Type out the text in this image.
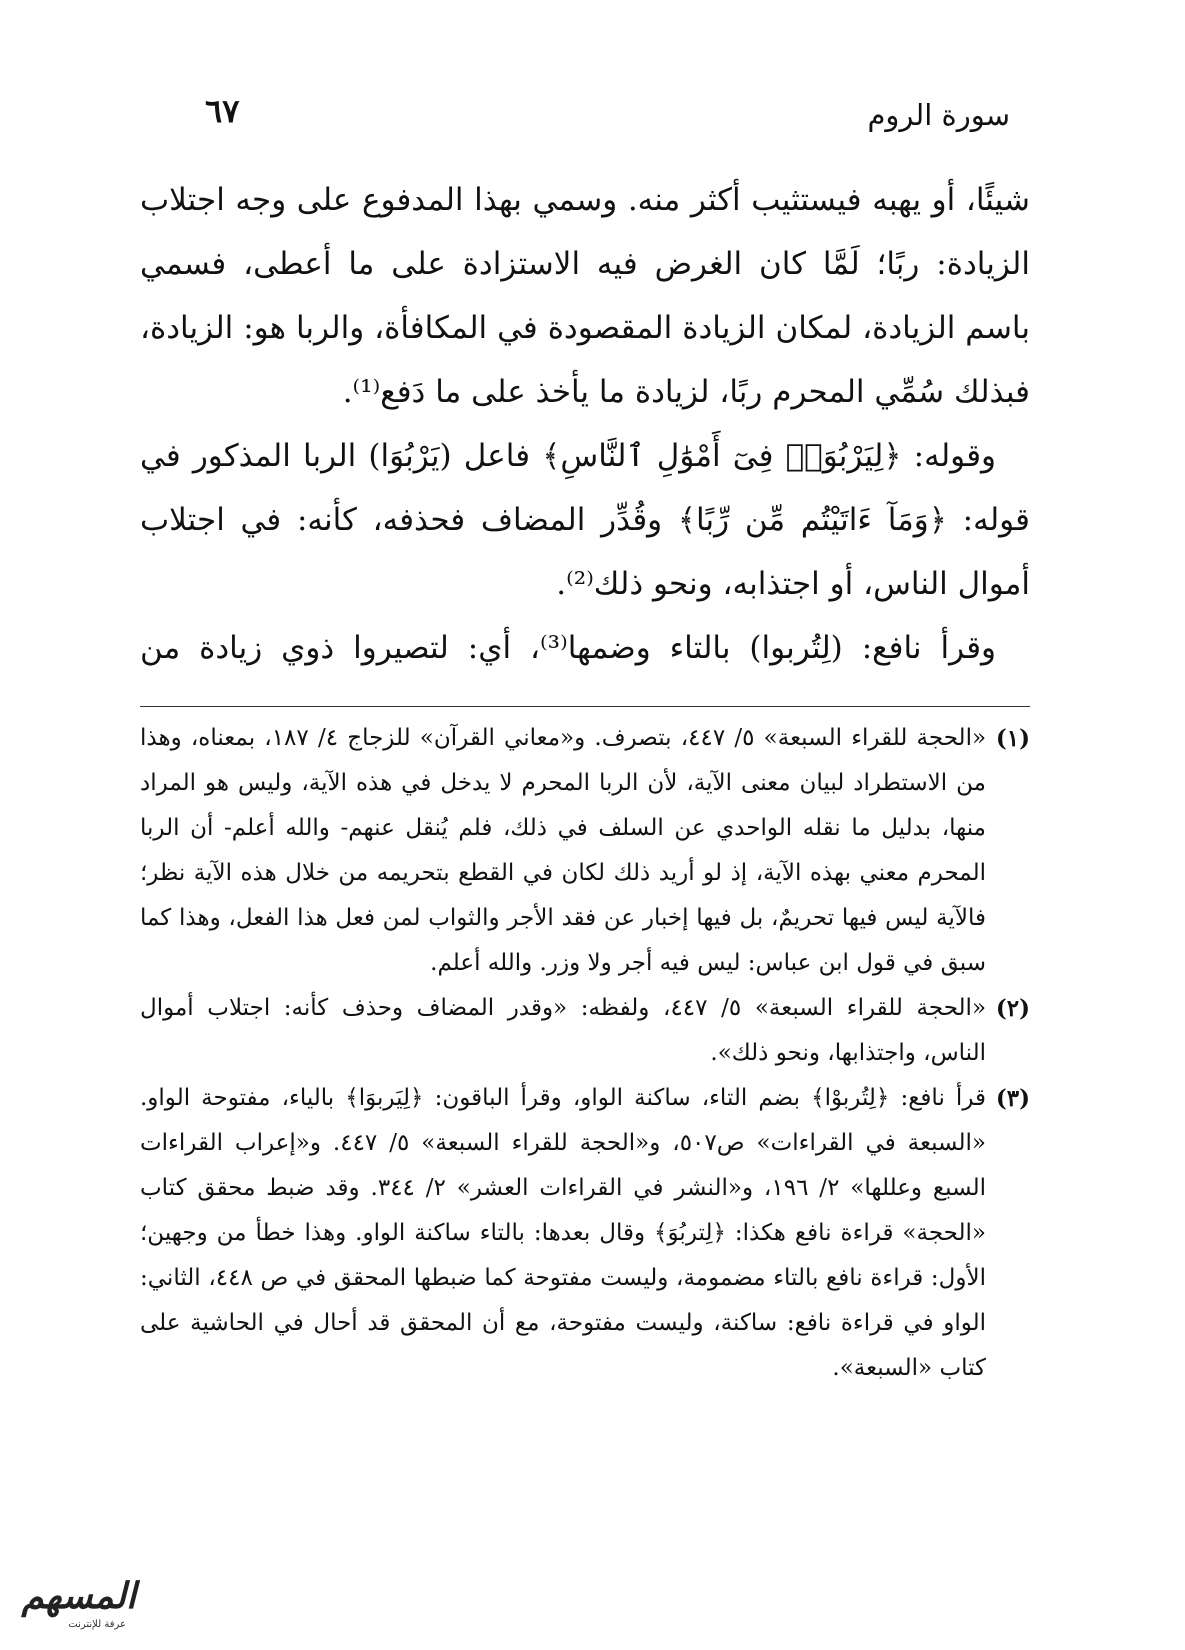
سورة الروم
٦٧

شيئًا، أو يهبه فيستثيب أكثر منه. وسمي بهذا المدفوع على وجه اجتلاب الزيادة: ربًا؛ لَمَّا كان الغرض فيه الاستزادة على ما أعطى، فسمي باسم الزيادة، لمكان الزيادة المقصودة في المكافأة، والربا هو: الزيادة، فبذلك سُمِّي المحرم ربًا، لزيادة ما يأخذ على ما دَفع⁽¹⁾.

وقوله: ﴿لِيَرْبُوَا۟ فِىٓ أَمْوَٰلِ ٱلنَّاسِ﴾ فاعل (يَرْبُوَا) الربا المذكور في قوله: ﴿وَمَآ ءَاتَيْتُم مِّن رِّبًا﴾ وقُدِّر المضاف فحذفه، كأنه: في اجتلاب أموال الناس، أو اجتذابه، ونحو ذلك⁽²⁾.

وقرأ نافع: (لِتُربوا) بالتاء وضمها⁽³⁾، أي: لتصيروا ذوي زيادة من

(١)
«الحجة للقراء السبعة» ٥/ ٤٤٧، بتصرف. و«معاني القرآن» للزجاج ٤/ ١٨٧، بمعناه، وهذا من الاستطراد لبيان معنى الآية، لأن الربا المحرم لا يدخل في هذه الآية، وليس هو المراد منها، بدليل ما نقله الواحدي عن السلف في ذلك، فلم يُنقل عنهم- والله أعلم- أن الربا المحرم معني بهذه الآية، إذ لو أريد ذلك لكان في القطع بتحريمه من خلال هذه الآية نظر؛ فالآية ليس فيها تحريمٌ، بل فيها إخبار عن فقد الأجر والثواب لمن فعل هذا الفعل، وهذا كما سبق في قول ابن عباس: ليس فيه أجر ولا وزر. والله أعلم.
(٢)
«الحجة للقراء السبعة» ٥/ ٤٤٧، ولفظه: «وقدر المضاف وحذف كأنه: اجتلاب أموال الناس، واجتذابها، ونحو ذلك».
(٣)
قرأ نافع: ﴿لِتُربوْا﴾ بضم التاء، ساكنة الواو، وقرأ الباقون: ﴿لِيَربوَا﴾ بالياء، مفتوحة الواو. «السبعة في القراءات» ص٥٠٧، و«الحجة للقراء السبعة» ٥/ ٤٤٧. و«إعراب القراءات السبع وعللها» ٢/ ١٩٦، و«النشر في القراءات العشر» ٢/ ٣٤٤. وقد ضبط محقق كتاب «الحجة» قراءة نافع هكذا: ﴿لِتربُوَ﴾ وقال بعدها: بالتاء ساكنة الواو. وهذا خطأ من وجهين؛ الأول: قراءة نافع بالتاء مضمومة، وليست مفتوحة كما ضبطها المحقق في ص ٤٤٨، الثاني: الواو في قراءة نافع: ساكنة، وليست مفتوحة، مع أن المحقق قد أحال في الحاشية على كتاب «السبعة».
المسهم
عرفة للإنترنت
